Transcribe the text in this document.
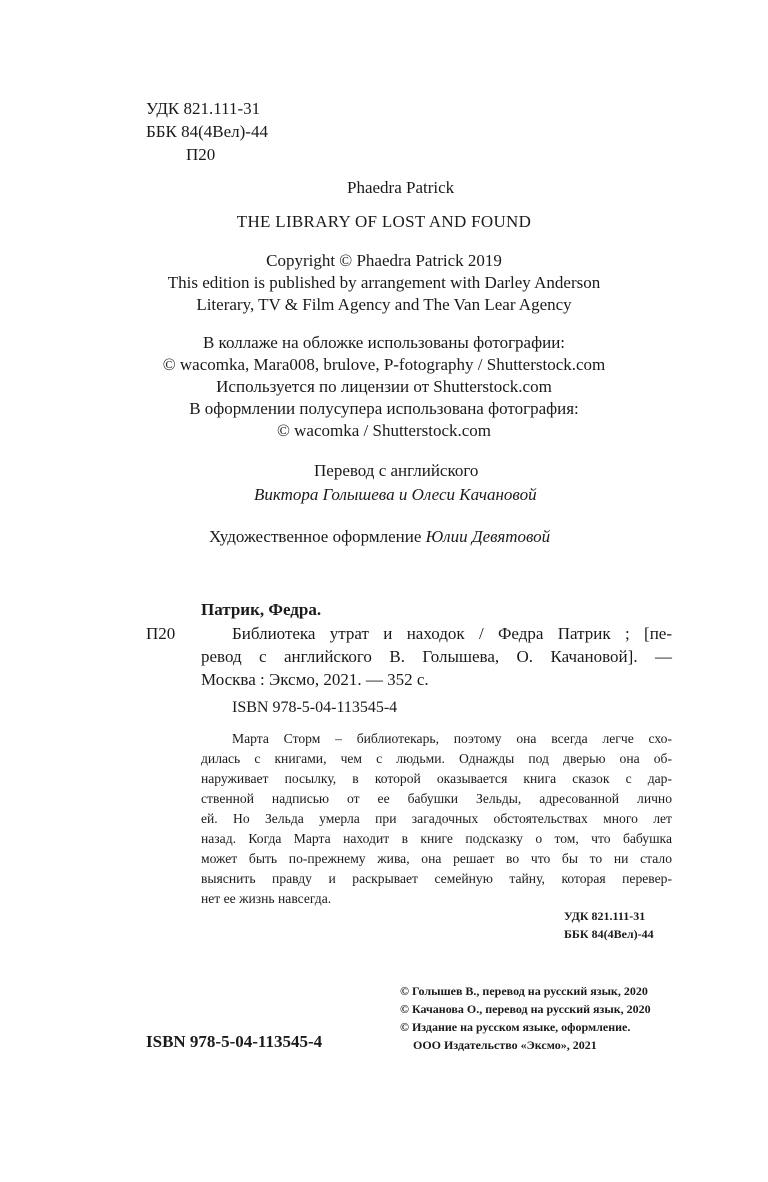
УДК 821.111-31
ББК 84(4Вел)-44
П20
Phaedra Patrick
THE LIBRARY OF LOST AND FOUND
Copyright © Phaedra Patrick 2019
This edition is published by arrangement with Darley Anderson
Literary, TV & Film Agency and The Van Lear Agency
В коллаже на обложке использованы фотографии:
© wacomka, Mara008, brulove, P-fotography / Shutterstock.com
Используется по лицензии от Shutterstock.com
В оформлении полусупера использована фотография:
© wacomka / Shutterstock.com
Перевод с английского
Виктора Голышева и Олеси Качановой
Художественное оформление Юлии Девятовой
Патрик, Федра.
П20	Библиотека утрат и находок / Федра Патрик ; [пе-
ревод с английского В. Голышева, О. Качановой]. —
Москва : Эксмо, 2021. — 352 с.
ISBN 978-5-04-113545-4
Марта Сторм – библиотекарь, поэтому она всегда легче схо-
дилась с книгами, чем с людьми. Однажды под дверью она об-
наруживает посылку, в которой оказывается книга сказок с дар-
ственной надписью от ее бабушки Зельды, адресованной лично
ей. Но Зельда умерла при загадочных обстоятельствах много лет
назад. Когда Марта находит в книге подсказку о том, что бабушка
может быть по-прежнему жива, она решает во что бы то ни стало
выяснить правду и раскрывает семейную тайну, которая перевер-
нет ее жизнь навсегда.
УДК 821.111-31
ББК 84(4Вел)-44
ISBN 978-5-04-113545-4
© Голышев В., перевод на русский язык, 2020
© Качанова О., перевод на русский язык, 2020
© Издание на русском языке, оформление.
ООО Издательство «Эксмо», 2021
